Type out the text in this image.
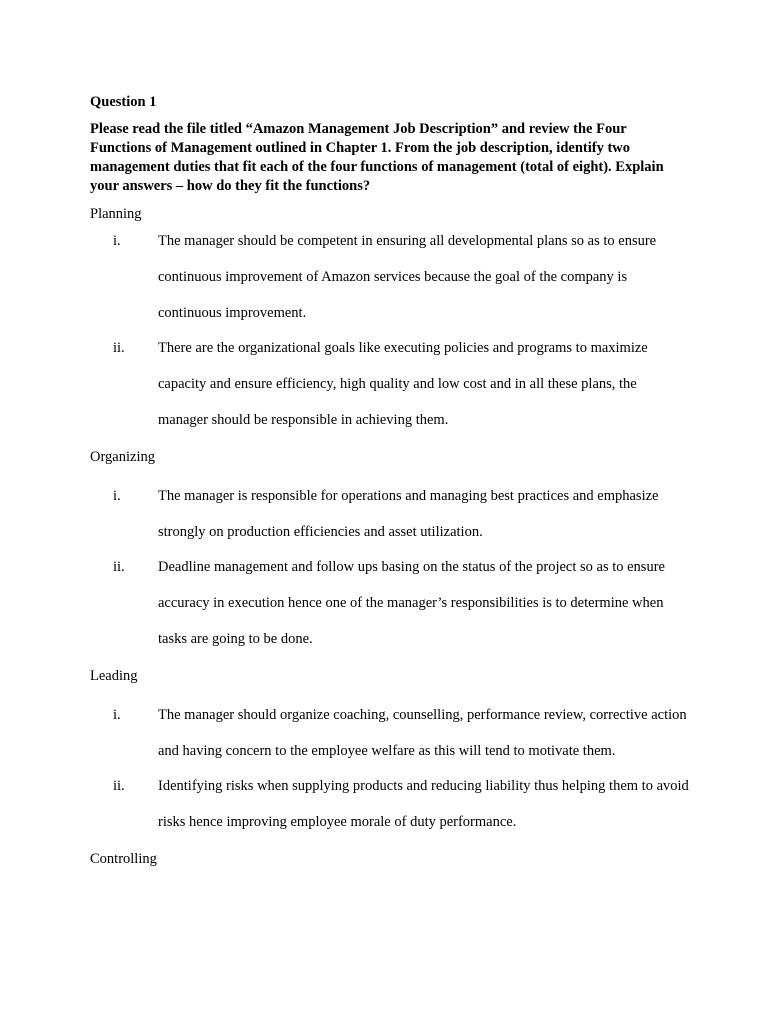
Question 1

Please read the file titled “Amazon Management Job Description” and review the Four Functions of Management outlined in Chapter 1. From the job description, identify two management duties that fit each of the four functions of management (total of eight). Explain your answers – how do they fit the functions?

Planning

i.	The manager should be competent in ensuring all developmental plans so as to ensure continuous improvement of Amazon services because the goal of the company is continuous improvement.
ii. There are the organizational goals like executing policies and programs to maximize capacity and ensure efficiency, high quality and low cost and in all these plans, the manager should be responsible in achieving them.

Organizing

i.	The manager is responsible for operations and managing best practices and emphasize strongly on production efficiencies and asset utilization.
ii. Deadline management and follow ups basing on the status of the project so as to ensure accuracy in execution hence one of the manager’s responsibilities is to determine when tasks are going to be done.

Leading

i.	The manager should organize coaching, counselling, performance review, corrective action and having concern to the employee welfare as this will tend to motivate them.
ii. Identifying risks when supplying products and reducing liability thus helping them to avoid risks hence improving employee morale of duty performance.

Controlling
